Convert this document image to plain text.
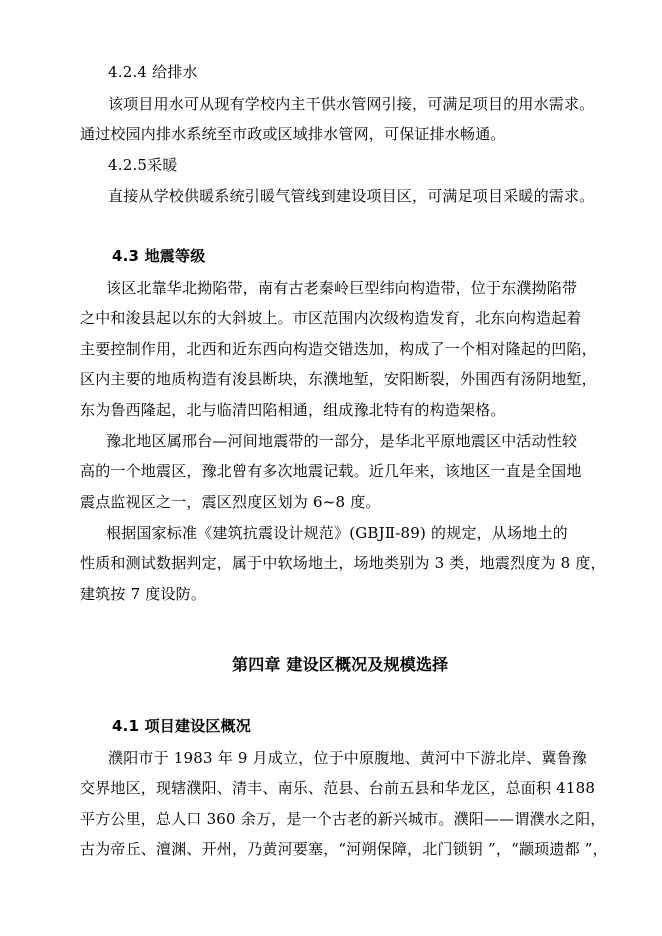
4.2.4 给排水
该项目用水可从现有学校内主干供水管网引接，可满足项目的用水需求。
通过校园内排水系统至市政或区域排水管网，可保证排水畅通。
4.2.5采暖
直接从学校供暖系统引暖气管线到建设项目区，可满足项目采暖的需求。
4.3 地震等级
该区北靠华北拗陷带，南有古老秦岭巨型纬向构造带，位于东濮拗陷带
之中和浚县起以东的大斜坡上。市区范围内次级构造发育，北东向构造起着
主要控制作用，北西和近东西向构造交错迭加，构成了一个相对隆起的凹陷，
区内主要的地质构造有浚县断块，东濮地堑，安阳断裂，外围西有汤阴地堑，
东为鲁西隆起，北与临清凹陷相通，组成豫北特有的构造架格。
豫北地区属邢台—河间地震带的一部分，是华北平原地震区中活动性较
高的一个地震区，豫北曾有多次地震记载。近几年来，该地区一直是全国地
震点监视区之一，震区烈度区划为 6~8 度。
根据国家标准《建筑抗震设计规范》(GBJⅡ-89) 的规定，从场地土的
性质和测试数据判定，属于中软场地土，场地类别为 3 类，地震烈度为 8 度，
建筑按 7 度设防。
第四章 建设区概况及规模选择
4.1 项目建设区概况
濮阳市于 1983 年 9 月成立，位于中原腹地、黄河中下游北岸、冀鲁豫
交界地区，现辖濮阳、清丰、南乐、范县、台前五县和华龙区，总面积 4188
平方公里，总人口 360 余万，是一个古老的新兴城市。濮阳——谓濮水之阳，
古为帝丘、澶渊、开州，乃黄河要塞，“河朔保障，北门锁钥 ”，“颛顼遗都 ”，
